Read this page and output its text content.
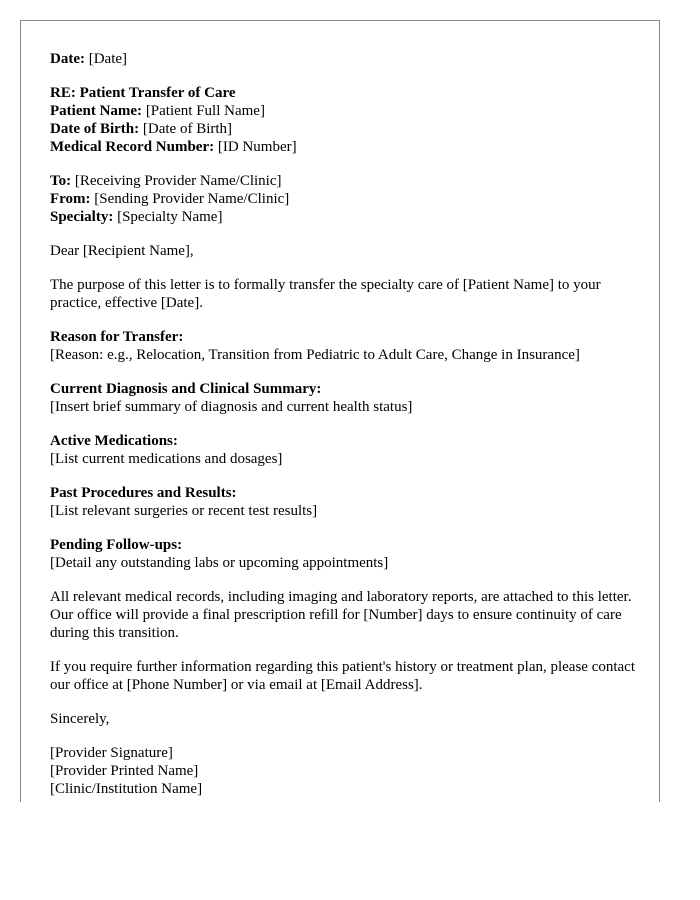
Date: [Date]
RE: Patient Transfer of Care
Patient Name: [Patient Full Name]
Date of Birth: [Date of Birth]
Medical Record Number: [ID Number]
To: [Receiving Provider Name/Clinic]
From: [Sending Provider Name/Clinic]
Specialty: [Specialty Name]
Dear [Recipient Name],
The purpose of this letter is to formally transfer the specialty care of [Patient Name] to your practice, effective [Date].
Reason for Transfer:
[Reason: e.g., Relocation, Transition from Pediatric to Adult Care, Change in Insurance]
Current Diagnosis and Clinical Summary:
[Insert brief summary of diagnosis and current health status]
Active Medications:
[List current medications and dosages]
Past Procedures and Results:
[List relevant surgeries or recent test results]
Pending Follow-ups:
[Detail any outstanding labs or upcoming appointments]
All relevant medical records, including imaging and laboratory reports, are attached to this letter. Our office will provide a final prescription refill for [Number] days to ensure continuity of care during this transition.
If you require further information regarding this patient's history or treatment plan, please contact our office at [Phone Number] or via email at [Email Address].
Sincerely,
[Provider Signature]
[Provider Printed Name]
[Clinic/Institution Name]
